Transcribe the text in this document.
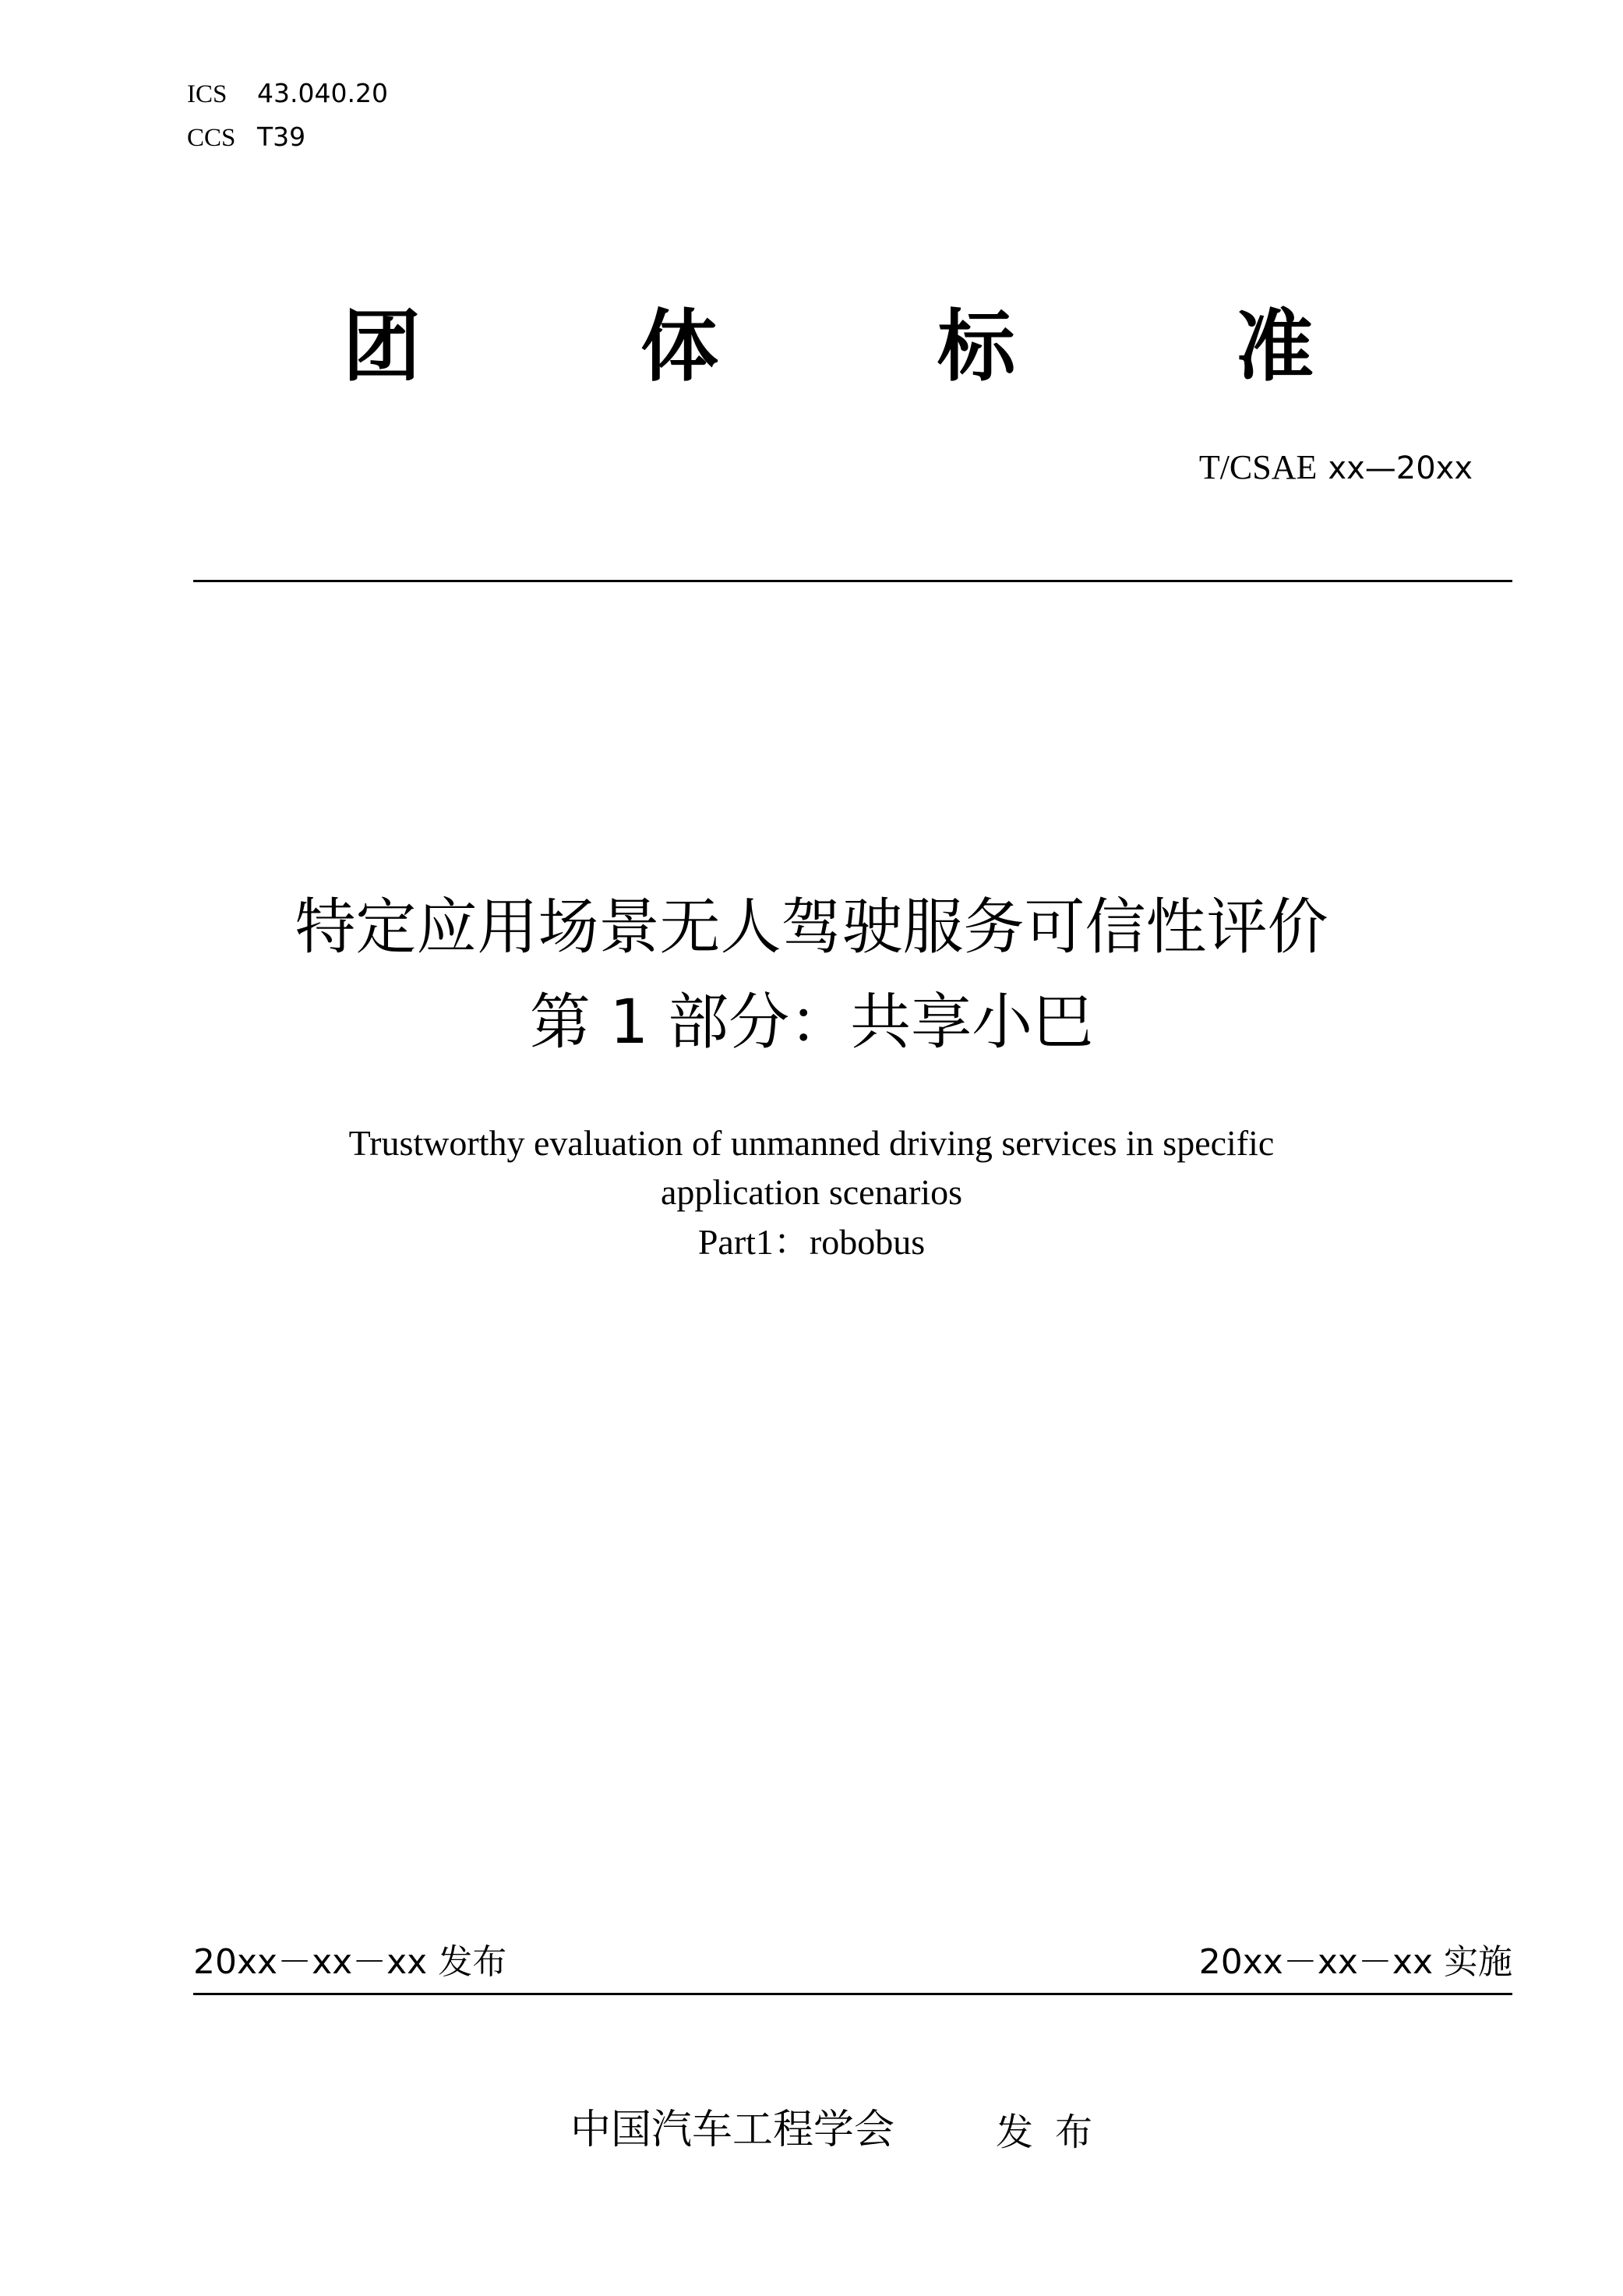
ICS 43.040.20
CCS T39
团	体	标	准
T/CSAE xx—20xx
特定应用场景无人驾驶服务可信性评价
第 1 部分：共享小巴
Trustworthy evaluation of unmanned driving services in specific
application scenarios
Part1：robobus
20xx－xx－xx 发布	20xx－xx－xx 实施
中国汽车工程学会	发布
